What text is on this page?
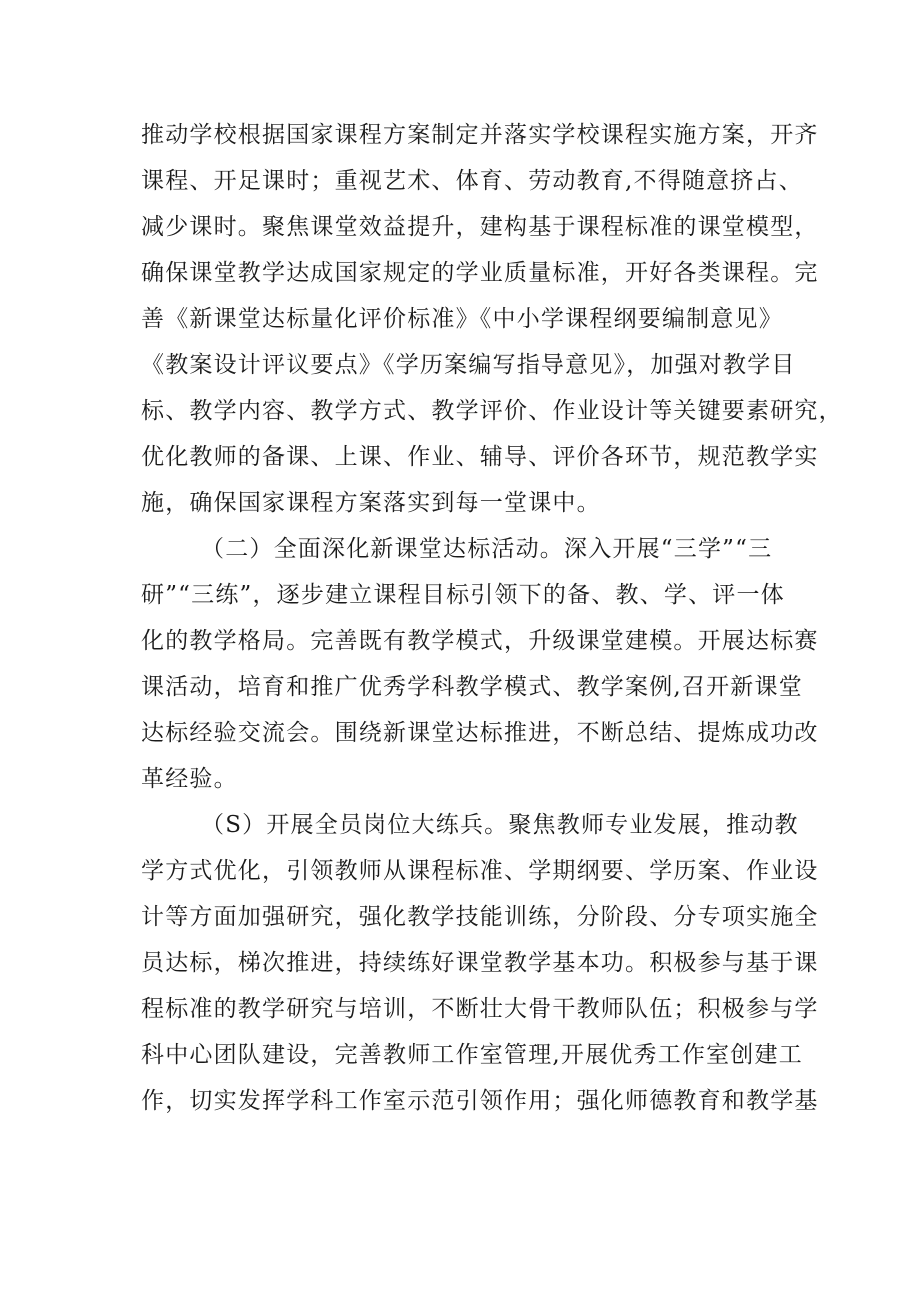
推动学校根据国家课程方案制定并落实学校课程实施方案，开齐
课程、开足课时；重视艺术、体育、劳动教育,不得随意挤占、
减少课时。聚焦课堂效益提升，建构基于课程标准的课堂模型，
确保课堂教学达成国家规定的学业质量标准，开好各类课程。完
善《新课堂达标量化评价标准》《中小学课程纲要编制意见》
《教案设计评议要点》《学历案编写指导意见》，加强对教学目
标、教学内容、教学方式、教学评价、作业设计等关键要素研究，
优化教师的备课、上课、作业、辅导、评价各环节，规范教学实
施，确保国家课程方案落实到每一堂课中。
（二）全面深化新课堂达标活动。深入开展“三学”“三
研”“三练”，逐步建立课程目标引领下的备、教、学、评一体
化的教学格局。完善既有教学模式，升级课堂建模。开展达标赛
课活动，培育和推广优秀学科教学模式、教学案例,召开新课堂
达标经验交流会。围绕新课堂达标推进，不断总结、提炼成功改
革经验。
（S）开展全员岗位大练兵。聚焦教师专业发展，推动教
学方式优化，引领教师从课程标准、学期纲要、学历案、作业设
计等方面加强研究，强化教学技能训练，分阶段、分专项实施全
员达标，梯次推进，持续练好课堂教学基本功。积极参与基于课
程标准的教学研究与培训，不断壮大骨干教师队伍；积极参与学
科中心团队建设，完善教师工作室管理,开展优秀工作室创建工
作，切实发挥学科工作室示范引领作用；强化师德教育和教学基
